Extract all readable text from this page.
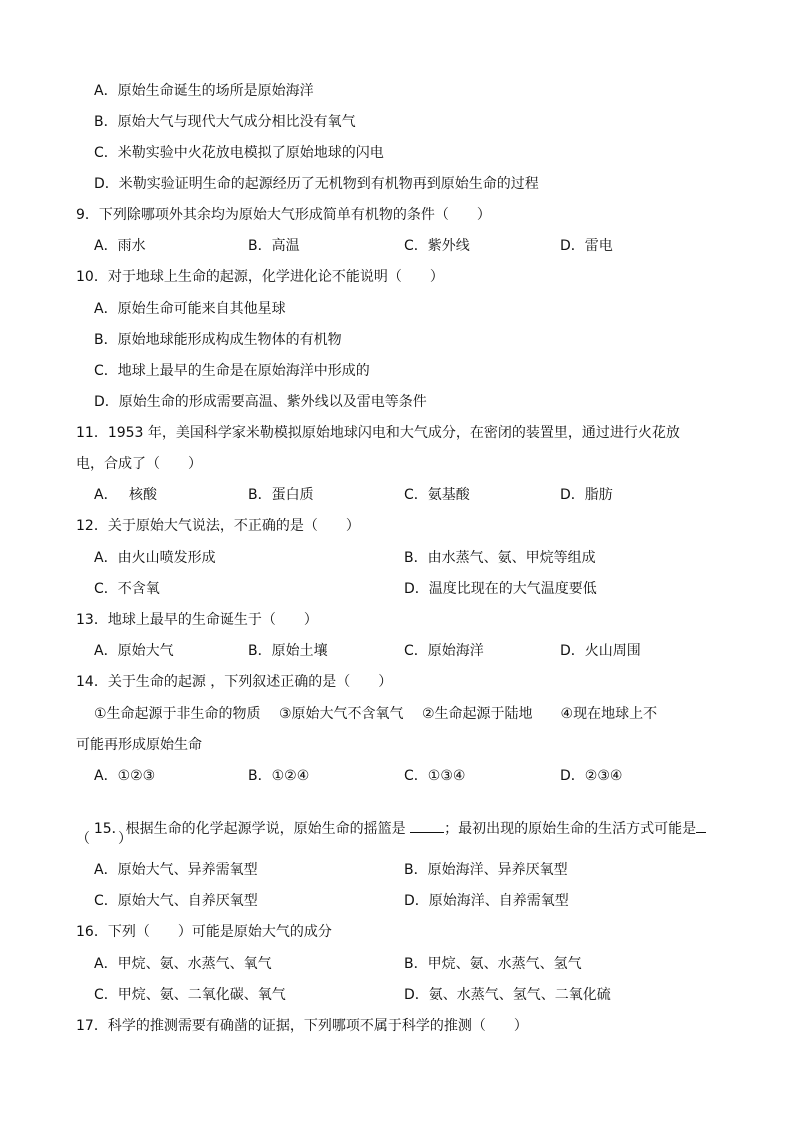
A．原始生命诞生的场所是原始海洋
B．原始大气与现代大气成分相比没有氧气
C．米勒实验中火花放电模拟了原始地球的闪电
D．米勒实验证明生命的起源经历了无机物到有机物再到原始生命的过程
9．下列除哪项外其余均为原始大气形成简单有机物的条件（　　）
A．雨水	B．高温	C．紫外线	D．雷电
10．对于地球上生命的起源，化学进化论不能说明（　　）
A．原始生命可能来自其他星球
B．原始地球能形成构成生物体的有机物
C．地球上最早的生命是在原始海洋中形成的
D．原始生命的形成需要高温、紫外线以及雷电等条件
11．1953 年，美国科学家米勒模拟原始地球闪电和大气成分，在密闭的装置里，通过进行火花放
电，合成了（　　）
A．　 核酸	B．蛋白质	C．氨基酸	D．脂肪
12．关于原始大气说法，不正确的是（　　）
A．由火山喷发形成	B．由水蒸气、氨、甲烷等组成
C．不含氧	D．温度比现在的大气温度要低
13．地球上最早的生命诞生于（　　）
A．原始大气	B．原始土壤	C．原始海洋	D．火山周围
14．关于生命的起源 ，下列叙述正确的是（　　）
①生命起源于非生命的物质　 ③原始大气不含氧气　 ②生命起源于陆地　　④现在地球上不
可能再形成原始生命
A．①②③	B．①②④	C．①③④	D．②③④

15．根据生命的化学起源学说，原始生命的摇篮是 ；最初出现的原始生命的生活方式可能是

（　　）
A．原始大气、异养需氧型	B．原始海洋、异养厌氧型
C．原始大气、自养厌氧型	D．原始海洋、自养需氧型
16．下列（　　）可能是原始大气的成分
A．甲烷、氨、水蒸气、氧气	B．甲烷、氨、水蒸气、氢气
C．甲烷、氨、二氧化碳、氧气	D．氨、水蒸气、氢气、二氧化硫
17．科学的推测需要有确凿的证据，下列哪项不属于科学的推测（　　）
